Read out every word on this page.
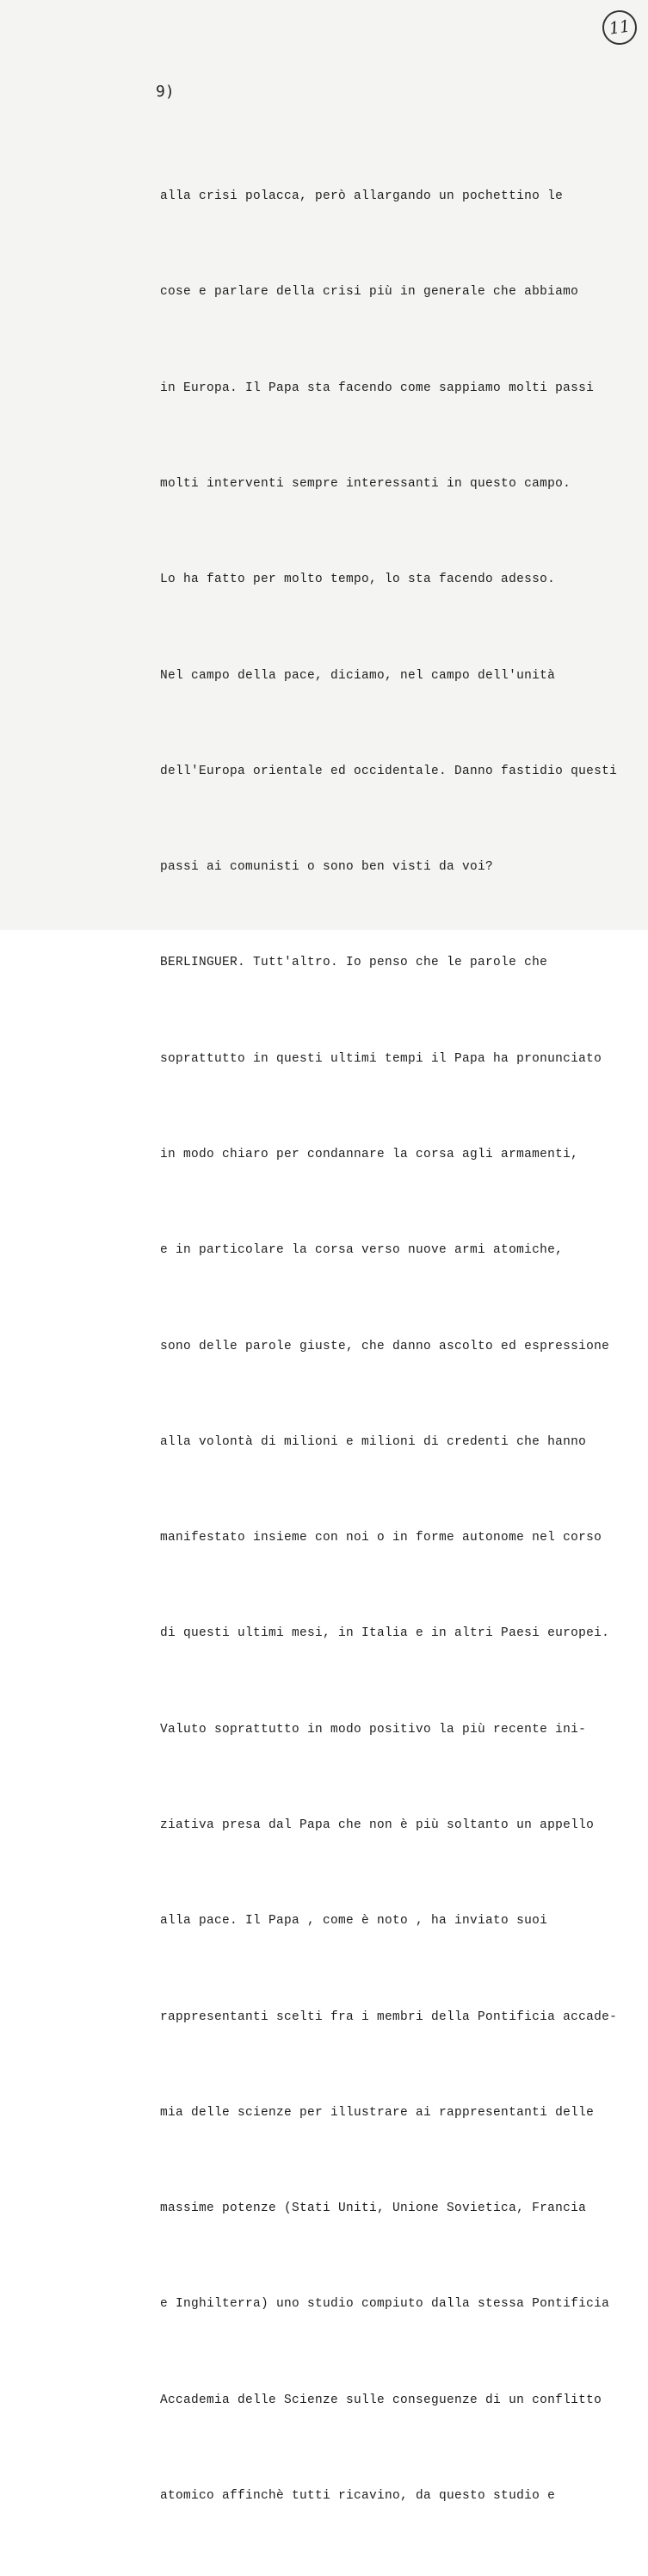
11
9)

alla crisi polacca, però allargando un pochettino le

cose e parlare della crisi più in generale che abbiamo

in Europa. Il Papa sta facendo come sappiamo molti passi

molti interventi sempre interessanti in questo campo.

Lo ha fatto per molto tempo, lo sta facendo adesso.

Nel campo della pace, diciamo, nel campo dell'unità

dell'Europa orientale ed occidentale. Danno fastidio questi

passi ai comunisti o sono ben visti da voi?

BERLINGUER. Tutt'altro. Io penso che le parole che

soprattutto in questi ultimi tempi il Papa ha pronunciato

in modo chiaro per condannare la corsa agli armamenti,

e in particolare la corsa verso nuove armi atomiche,

sono delle parole giuste, che danno ascolto ed espressione

alla volontà di milioni e milioni di credenti che hanno

manifestato insieme con noi o in forme autonome nel corso

di questi ultimi mesi, in Italia e in altri Paesi europei.

Valuto soprattutto in modo positivo la più recente ini-

ziativa presa dal Papa che non è più soltanto un appello

alla pace. Il Papa , come è noto , ha inviato suoi

rappresentanti scelti fra i membri della Pontificia accade-

mia delle scienze per illustrare ai rappresentanti delle

massime potenze (Stati Uniti, Unione Sovietica, Francia

e Inghilterra) uno studio compiuto dalla stessa Pontificia

Accademia delle Scienze sulle conseguenze di un conflitto

atomico affinchè tutti ricavino, da questo studio e
